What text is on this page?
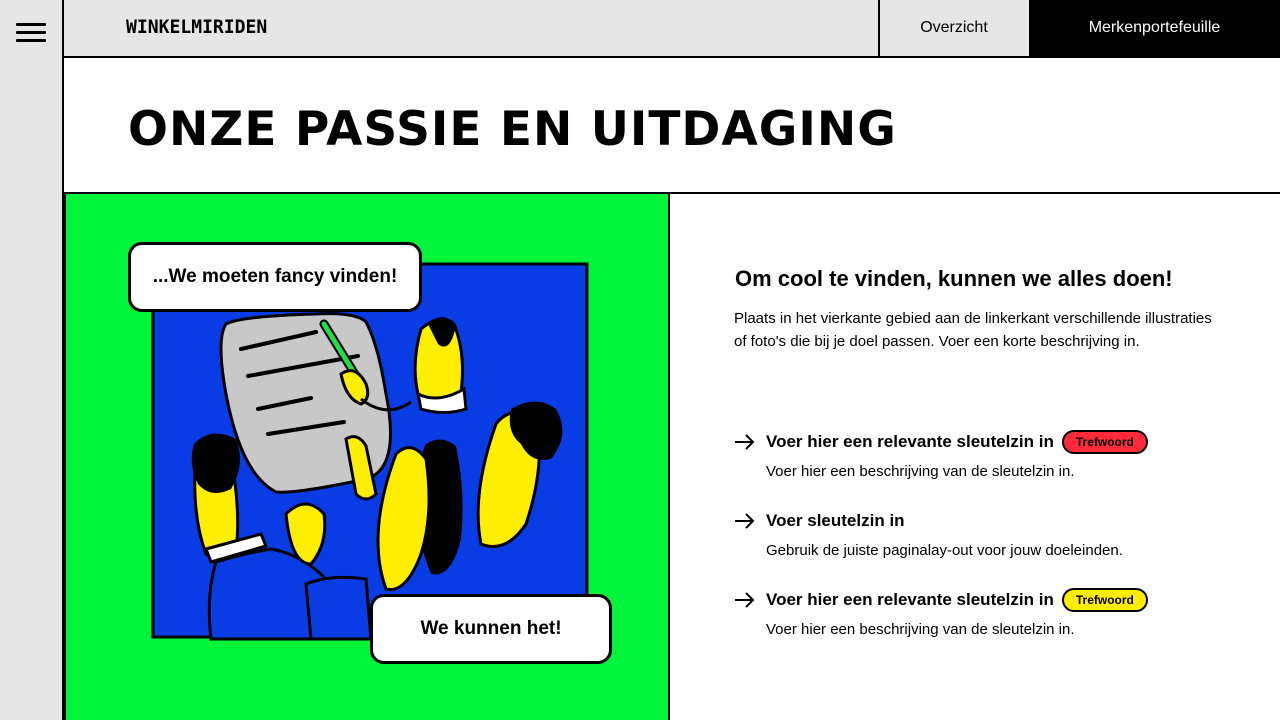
WINKELMIRIDEN	Overzicht	Merkenportefeuille
ONZE PASSIE EN UITDAGING
...We moeten fancy vinden!
We kunnen het!
Om cool te vinden, kunnen we alles doen!

Plaats in het vierkante gebied aan de linkerkant verschillende illustraties of foto's die bij je doel passen. Voer een korte beschrijving in.

Voer hier een relevante sleutelzin in	Trefwoord
Voer hier een beschrijving van de sleutelzin in.
Voer sleutelzin in
Gebruik de juiste paginalay-out voor jouw doeleinden.
Voer hier een relevante sleutelzin in	Trefwoord
Voer hier een beschrijving van de sleutelzin in.
